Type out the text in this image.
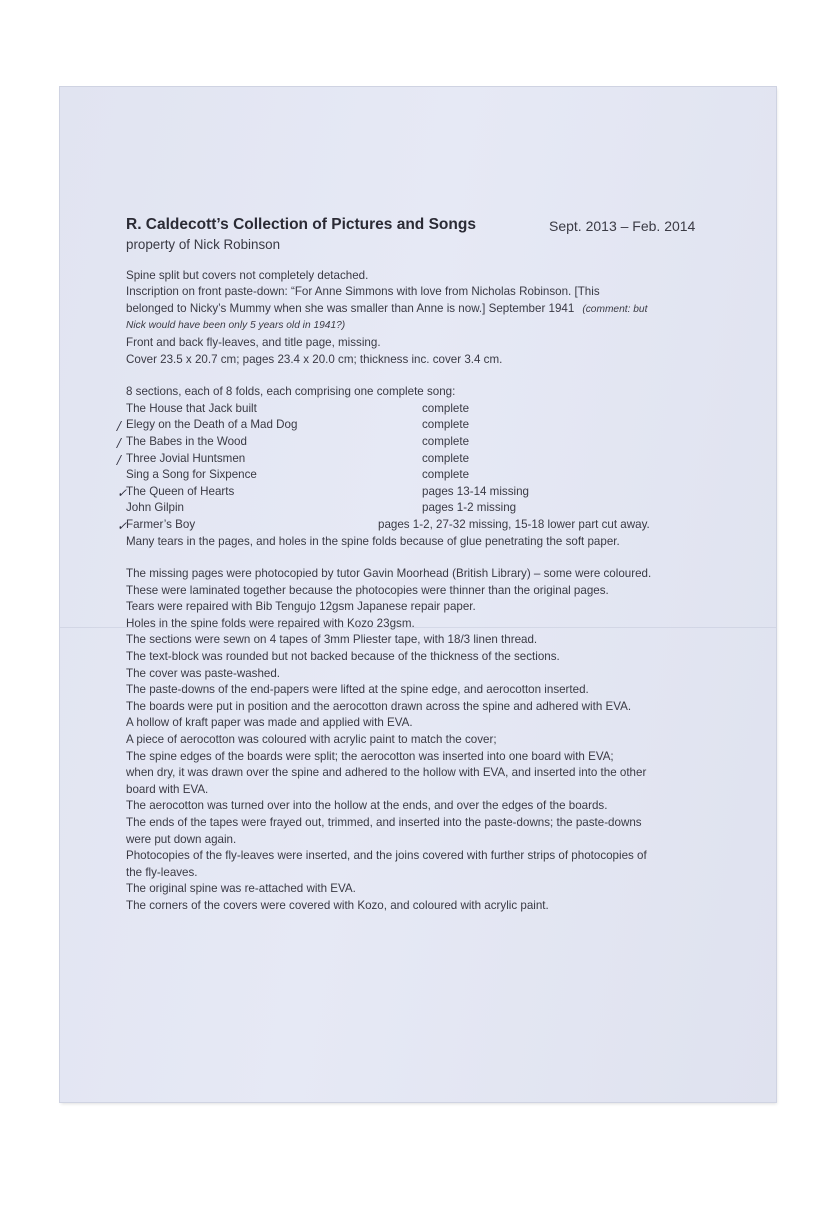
R. Caldecott’s Collection of Pictures and Songs	Sept. 2013 – Feb. 2014
property of Nick Robinson
Spine split but covers not completely detached.
Inscription on front paste-down: “For Anne Simmons with love from Nicholas Robinson. [This
belonged to Nicky’s Mummy when she was smaller than Anne is now.] September 1941 (comment: but
Nick would have been only 5 years old in 1941?)
Front and back fly-leaves, and title page, missing.
Cover 23.5 x 20.7 cm; pages 23.4 x 20.0 cm; thickness inc. cover 3.4 cm.
8 sections, each of 8 folds, each comprising one complete song:
The House that Jack built	complete
/ Elegy on the Death of a Mad Dog	complete
/ The Babes in the Wood	complete
/ Three Jovial Huntsmen	complete
Sing a Song for Sixpence	complete
✓
The Queen of Hearts	pages 13-14 missing
John Gilpin	pages 1-2 missing
✓
Farmer’s Boy	pages 1-2, 27-32 missing, 15-18 lower part cut away.
Many tears in the pages, and holes in the spine folds because of glue penetrating the soft paper.
The missing pages were photocopied by tutor Gavin Moorhead (British Library) – some were coloured.
These were laminated together because the photocopies were thinner than the original pages.
Tears were repaired with Bib Tengujo 12gsm Japanese repair paper.
Holes in the spine folds were repaired with Kozo 23gsm.
The sections were sewn on 4 tapes of 3mm Pliester tape, with 18/3 linen thread.
The text-block was rounded but not backed because of the thickness of the sections.
The cover was paste-washed.
The paste-downs of the end-papers were lifted at the spine edge, and aerocotton inserted.
The boards were put in position and the aerocotton drawn across the spine and adhered with EVA.
A hollow of kraft paper was made and applied with EVA.
A piece of aerocotton was coloured with acrylic paint to match the cover;
The spine edges of the boards were split; the aerocotton was inserted into one board with EVA;
when dry, it was drawn over the spine and adhered to the hollow with EVA, and inserted into the other
board with EVA.
The aerocotton was turned over into the hollow at the ends, and over the edges of the boards.
The ends of the tapes were frayed out, trimmed, and inserted into the paste-downs; the paste-downs
were put down again.
Photocopies of the fly-leaves were inserted, and the joins covered with further strips of photocopies of
the fly-leaves.
The original spine was re-attached with EVA.
The corners of the covers were covered with Kozo, and coloured with acrylic paint.
